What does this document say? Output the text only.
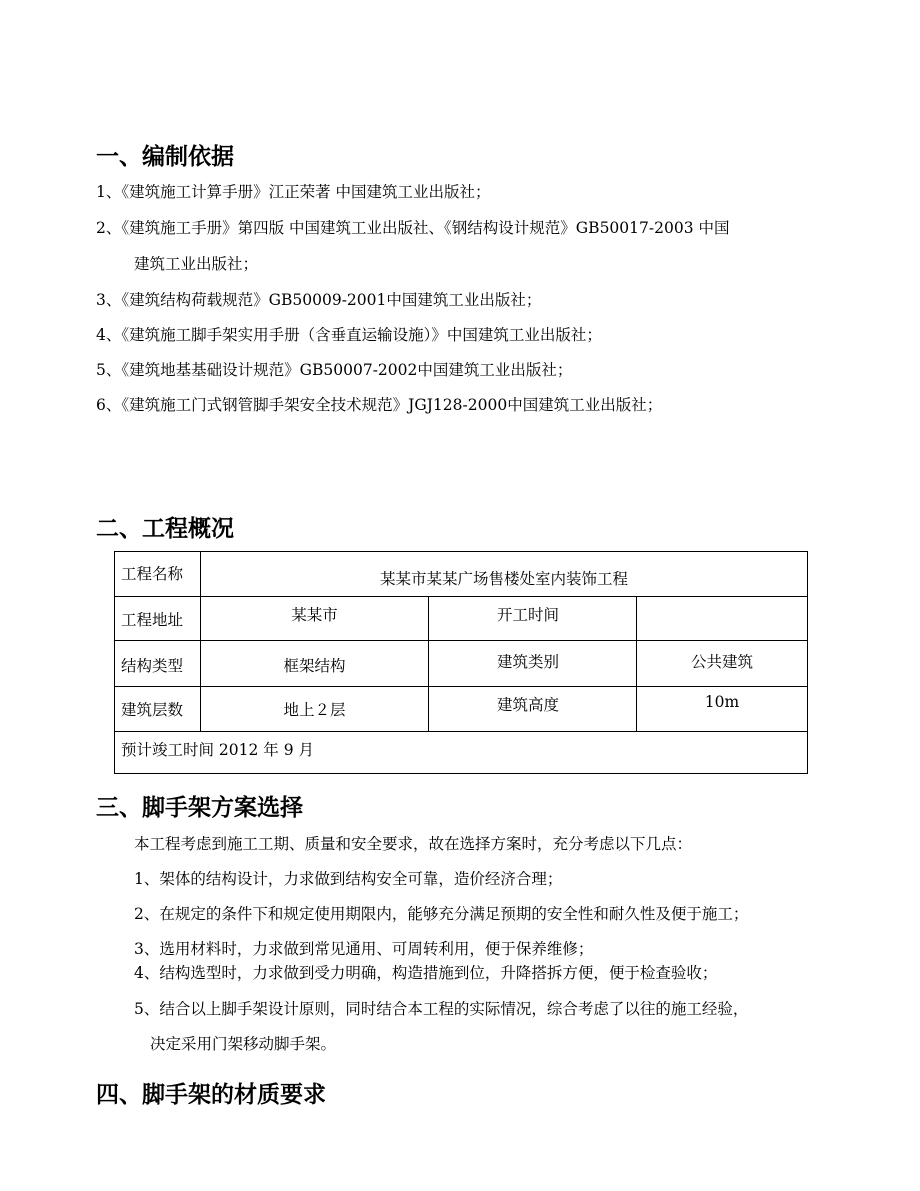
一、编制依据
1、《建筑施工计算手册》江正荣著 中国建筑工业出版社；
2、《建筑施工手册》第四版 中国建筑工业出版社、《钢结构设计规范》GB50017-2003 中国
建筑工业出版社；
3、《建筑结构荷载规范》GB50009-2001中国建筑工业出版社；
4、《建筑施工脚手架实用手册（含垂直运输设施）》中国建筑工业出版社；
5、《建筑地基基础设计规范》GB50007-2002中国建筑工业出版社；
6、《建筑施工门式钢管脚手架安全技术规范》JGJ128-2000中国建筑工业出版社；
二、工程概况
工程名称	某某市某某广场售楼处室内装饰工程		
工程地址	某某市	开工时间	
结构类型	框架结构	建筑类别	公共建筑
建筑层数	地上２层	建筑高度	10m
预计竣工时间 2012 年 9 月			
三、脚手架方案选择
本工程考虑到施工工期、质量和安全要求，故在选择方案时，充分考虑以下几点：
1、架体的结构设计，力求做到结构安全可靠，造价经济合理；
2、在规定的条件下和规定使用期限内，能够充分满足预期的安全性和耐久性及便于施工；
3、选用材料时，力求做到常见通用、可周转利用，便于保养维修；
4、结构选型时，力求做到受力明确，构造措施到位，升降搭拆方便，便于检查验收；
5、结合以上脚手架设计原则，同时结合本工程的实际情况，综合考虑了以往的施工经验，
决定采用门架移动脚手架。
四、脚手架的材质要求
